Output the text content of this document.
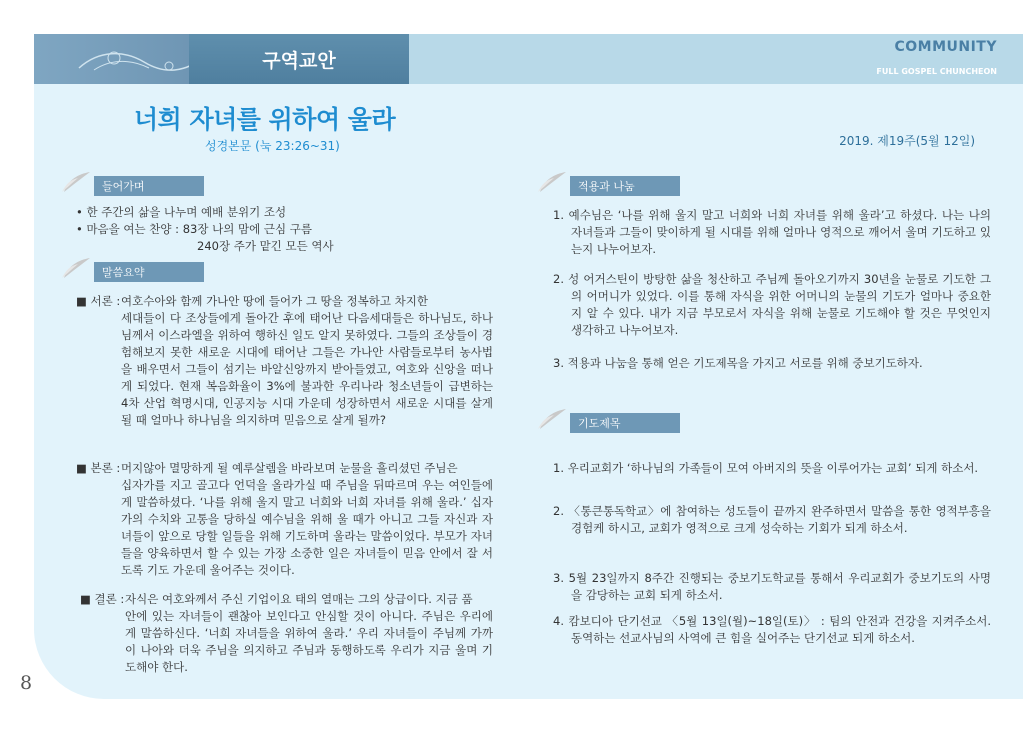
구역교안
COMMUNITY
FULL GOSPEL CHUNCHEON
너희 자녀를 위하여 울라
성경본문 (눅 23:26~31)	2019. 제19주(5월 12일)
들어가며
• 한 주간의 삶을 나누며 예배 분위기 조성
• 마음을 여는 찬양 : 83장 나의 맘에 근심 구름
240장 주가 맡긴 모든 역사
말씀요약
■ 서론 : 여호수아와 함께 가나안 땅에 들어가 그 땅을 정복하고 차지한
세대들이 다 조상들에게 돌아간 후에 태어난 다음세대들은 하나님도, 하나님께서 이스라엘을 위하여 행하신 일도 알지 못하였다. 그들의 조상들이 경험해보지 못한 새로운 시대에 태어난 그들은 가나안 사람들로부터 농사법을 배우면서 그들이 섬기는 바알신앙까지 받아들였고, 여호와 신앙을 떠나게 되었다. 현재 복음화율이 3%에 불과한 우리나라 청소년들이 급변하는 4차 산업 혁명시대, 인공지능 시대 가운데 성장하면서 새로운 시대를 살게 될 때 얼마나 하나님을 의지하며 믿음으로 살게 될까?
■ 본론 : 머지않아 멸망하게 될 예루살렘을 바라보며 눈물을 흘리셨던 주님은
십자가를 지고 골고다 언덕을 올라가실 때 주님을 뒤따르며 우는 여인들에게 말씀하셨다. ‘나를 위해 울지 말고 너희와 너희 자녀를 위해 울라.’ 십자가의 수치와 고통을 당하실 예수님을 위해 울 때가 아니고 그들 자신과 자녀들이 앞으로 당할 일들을 위해 기도하며 울라는 말씀이었다. 부모가 자녀들을 양육하면서 할 수 있는 가장 소중한 일은 자녀들이 믿음 안에서 잘 서도록 기도 가운데 울어주는 것이다.
■ 결론 : 자식은 여호와께서 주신 기업이요 태의 열매는 그의 상급이다. 지금 품
안에 있는 자녀들이 괜찮아 보인다고 안심할 것이 아니다. 주님은 우리에게 말씀하신다. ‘너희 자녀들을 위하여 울라.’ 우리 자녀들이 주님께 가까이 나아와 더욱 주님을 의지하고 주님과 동행하도록 우리가 지금 울며 기도해야 한다.
적용과 나눔
1. 예수님은 ‘나를 위해 울지 말고 너희와 너희 자녀를 위해 울라’고 하셨다. 나는 나의 자녀들과 그들이 맞이하게 될 시대를 위해 얼마나 영적으로 깨어서 울며 기도하고 있는지 나누어보자.
2. 성 어거스틴이 방탕한 삶을 청산하고 주님께 돌아오기까지 30년을 눈물로 기도한 그의 어머니가 있었다. 이를 통해 자식을 위한 어머니의 눈물의 기도가 얼마나 중요한지 알 수 있다. 내가 지금 부모로서 자식을 위해 눈물로 기도해야 할 것은 무엇인지 생각하고 나누어보자.
3. 적용과 나눔을 통해 얻은 기도제목을 가지고 서로를 위해 중보기도하자.
기도제목
1. 우리교회가 ‘하나님의 가족들이 모여 아버지의 뜻을 이루어가는 교회’ 되게 하소서.
2. 〈통큰통독학교〉에 참여하는 성도들이 끝까지 완주하면서 말씀을 통한 영적부흥을 경험케 하시고, 교회가 영적으로 크게 성숙하는 기회가 되게 하소서.
3. 5월 23일까지 8주간 진행되는 중보기도학교를 통해서 우리교회가 중보기도의 사명을 감당하는 교회 되게 하소서.
4. 캄보디아 단기선교 〈5월 13일(월)~18일(토)〉 : 팀의 안전과 건강을 지켜주소서. 동역하는 선교사님의 사역에 큰 힘을 실어주는 단기선교 되게 하소서.
8
